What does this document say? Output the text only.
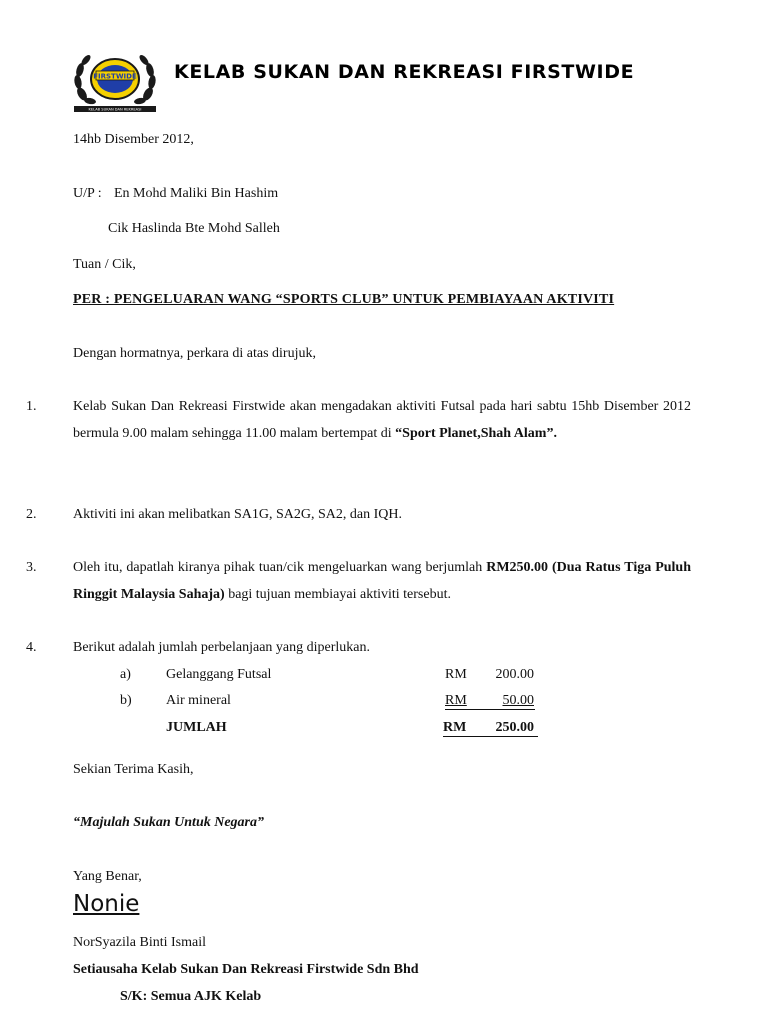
FIRSTWIDE
KELAB SUKAN DAN REKREASI
KELAB SUKAN DAN REKREASI FIRSTWIDE
14hb Disember 2012,
U/P : En Mohd Maliki Bin Hashim
Cik Haslinda Bte Mohd Salleh
Tuan / Cik,
PER : PENGELUARAN WANG “SPORTS CLUB” UNTUK PEMBIAYAAN AKTIVITI
Dengan hormatnya, perkara di atas dirujuk,
1.	Kelab Sukan Dan Rekreasi Firstwide akan mengadakan aktiviti Futsal pada hari sabtu 15hb Disember 2012 bermula 9.00 malam sehingga 11.00 malam bertempat di “Sport Planet,Shah Alam”.
2.	Aktiviti ini akan melibatkan SA1G, SA2G, SA2, dan IQH.
3.	Oleh itu, dapatlah kiranya pihak tuan/cik mengeluarkan wang berjumlah RM250.00 (Dua Ratus Tiga Puluh Ringgit Malaysia Sahaja) bagi tujuan membiayai aktiviti tersebut.
4.	Berikut adalah jumlah perbelanjaan yang diperlukan.
a)	Gelanggang Futsal	RM	200.00
b) Air mineral	RM	50.00
JUMLAH	RM	250.00
Sekian Terima Kasih,
“Majulah Sukan Untuk Negara”
Yang Benar,
Nonie
NorSyazila Binti Ismail
Setiausaha Kelab Sukan Dan Rekreasi Firstwide Sdn Bhd
S/K: Semua AJK Kelab
